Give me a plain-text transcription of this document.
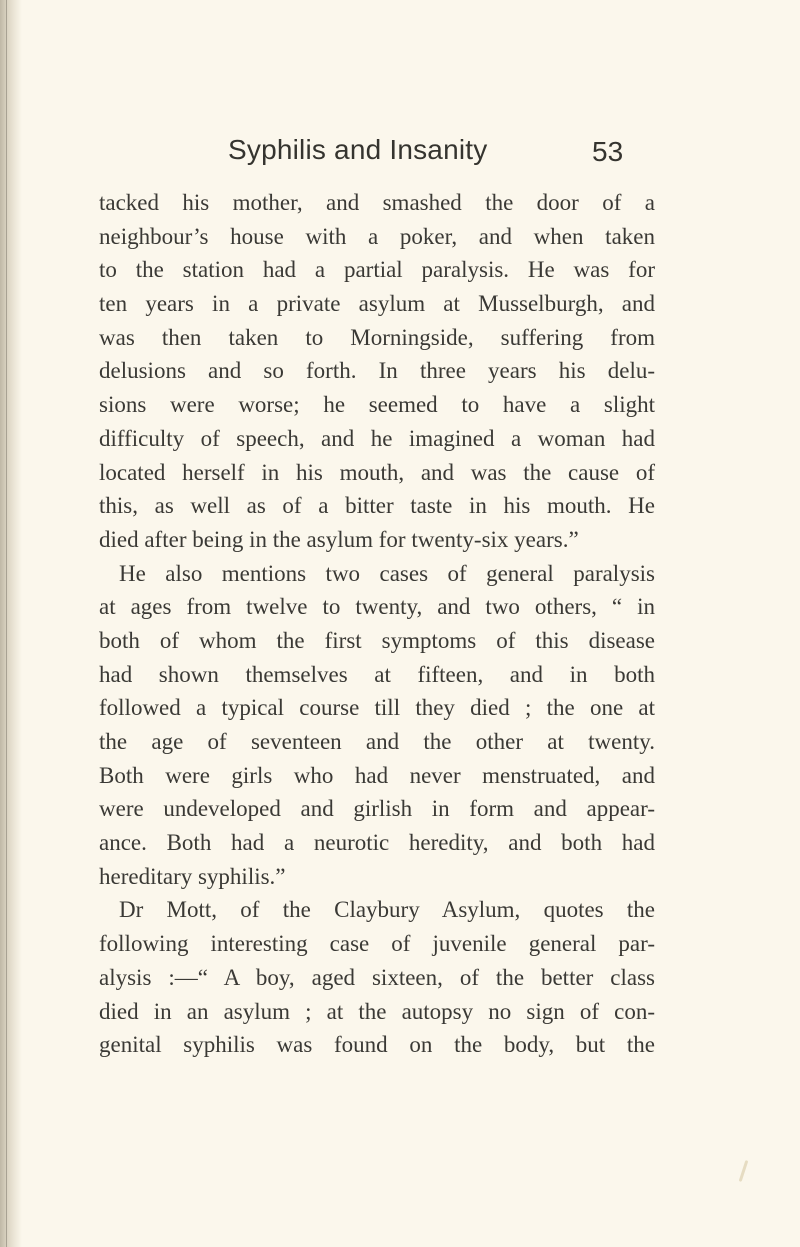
Syphilis and Insanity	53
tacked his mother, and smashed the door of a
neighbour’s house with a poker, and when taken
to the station had a partial paralysis. He was for
ten years in a private asylum at Musselburgh, and
was then taken to Morningside, suffering from
delusions and so forth. In three years his delu-
sions were worse; he seemed to have a slight
difficulty of speech, and he imagined a woman had
located herself in his mouth, and was the cause of
this, as well as of a bitter taste in his mouth. He
died after being in the asylum for twenty-six years.”
He also mentions two cases of general paralysis
at ages from twelve to twenty, and two others, “ in
both of whom the first symptoms of this disease
had shown themselves at fifteen, and in both
followed a typical course till they died ; the one at
the age of seventeen and the other at twenty.
Both were girls who had never menstruated, and
were undeveloped and girlish in form and appear-
ance. Both had a neurotic heredity, and both had
hereditary syphilis.”
Dr Mott, of the Claybury Asylum, quotes the
following interesting case of juvenile general par-
alysis :—“ A boy, aged sixteen, of the better class
died in an asylum ; at the autopsy no sign of con-
genital syphilis was found on the body, but the
